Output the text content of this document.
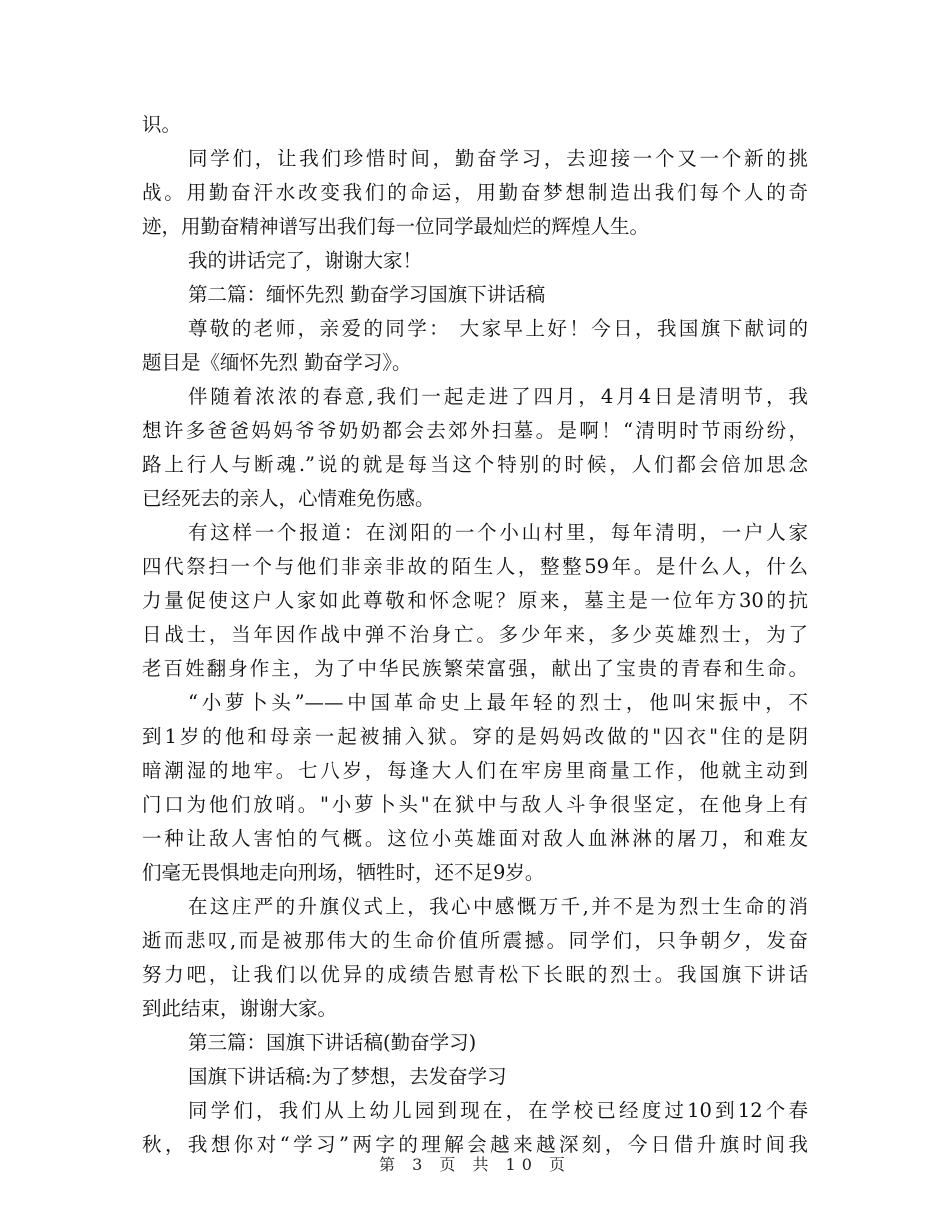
识。
同学们，让我们珍惜时间，勤奋学习，去迎接一个又一个新的挑
战。用勤奋汗水改变我们的命运，用勤奋梦想制造出我们每个人的奇
迹，用勤奋精神谱写出我们每一位同学最灿烂的辉煌人生。
我的讲话完了，谢谢大家！
第二篇：缅怀先烈 勤奋学习国旗下讲话稿
尊敬的老师，亲爱的同学： 大家早上好！今日，我国旗下献词的
题目是《缅怀先烈 勤奋学习》。
伴随着浓浓的春意,我们一起走进了四月，4月4日是清明节，我
想许多爸爸妈妈爷爷奶奶都会去郊外扫墓。是啊！“清明时节雨纷纷，
路上行人与断魂.”说的就是每当这个特别的时候，人们都会倍加思念
已经死去的亲人，心情难免伤感。
有这样一个报道：在浏阳的一个小山村里，每年清明，一户人家
四代祭扫一个与他们非亲非故的陌生人，整整59年。是什么人，什么
力量促使这户人家如此尊敬和怀念呢？原来，墓主是一位年方30的抗
日战士，当年因作战中弹不治身亡。多少年来，多少英雄烈士，为了
老百姓翻身作主，为了中华民族繁荣富强，献出了宝贵的青春和生命。
“小萝卜头”——中国革命史上最年轻的烈士，他叫宋振中，不
到1岁的他和母亲一起被捕入狱。穿的是妈妈改做的"囚衣"住的是阴
暗潮湿的地牢。七八岁，每逢大人们在牢房里商量工作，他就主动到
门口为他们放哨。"小萝卜头"在狱中与敌人斗争很坚定，在他身上有
一种让敌人害怕的气概。这位小英雄面对敌人血淋淋的屠刀，和难友
们毫无畏惧地走向刑场，牺牲时，还不足9岁。
在这庄严的升旗仪式上，我心中感慨万千,并不是为烈士生命的消
逝而悲叹,而是被那伟大的生命价值所震撼。同学们，只争朝夕，发奋
努力吧，让我们以优异的成绩告慰青松下长眠的烈士。我国旗下讲话
到此结束，谢谢大家。
第三篇：国旗下讲话稿(勤奋学习)
国旗下讲话稿:为了梦想，去发奋学习
同学们，我们从上幼儿园到现在，在学校已经度过10到12个春
秋，我想你对“学习”两字的理解会越来越深刻，今日借升旗时间我
第 3 页 共 10 页
